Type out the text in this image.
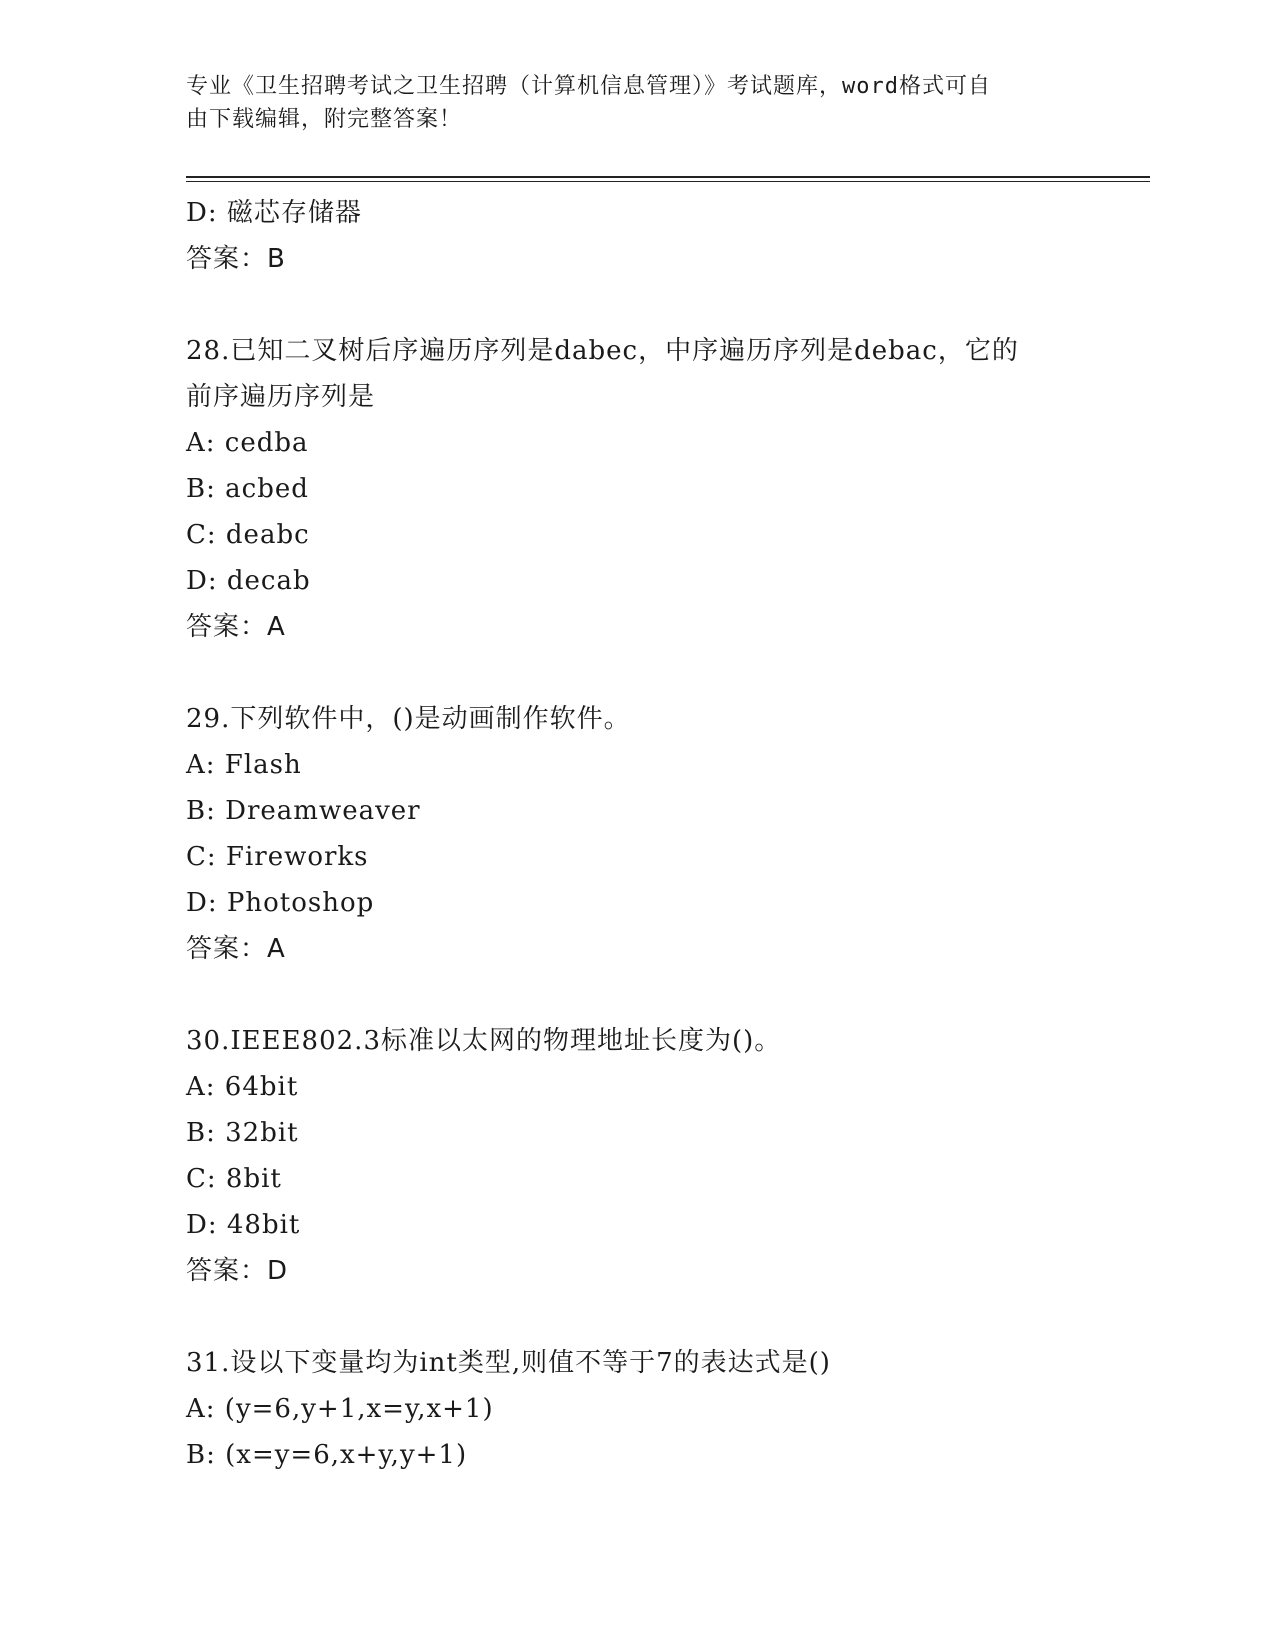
专业《卫生招聘考试之卫生招聘（计算机信息管理）》考试题库，word格式可自
由下载编辑，附完整答案！
D: 磁芯存储器
答案：B
28.已知二叉树后序遍历序列是dabec，中序遍历序列是debac，它的
前序遍历序列是
A: cedba
B: acbed
C: deabc
D: decab
答案：A
29.下列软件中，()是动画制作软件。
A: Flash
B: Dreamweaver
C: Fireworks
D: Photoshop
答案：A
30.IEEE802.3标准以太网的物理地址长度为()。
A: 64bit
B: 32bit
C: 8bit
D: 48bit
答案：D
31.设以下变量均为int类型,则值不等于7的表达式是()
A: (y=6,y+1,x=y,x+1)
B: (x=y=6,x+y,y+1)
